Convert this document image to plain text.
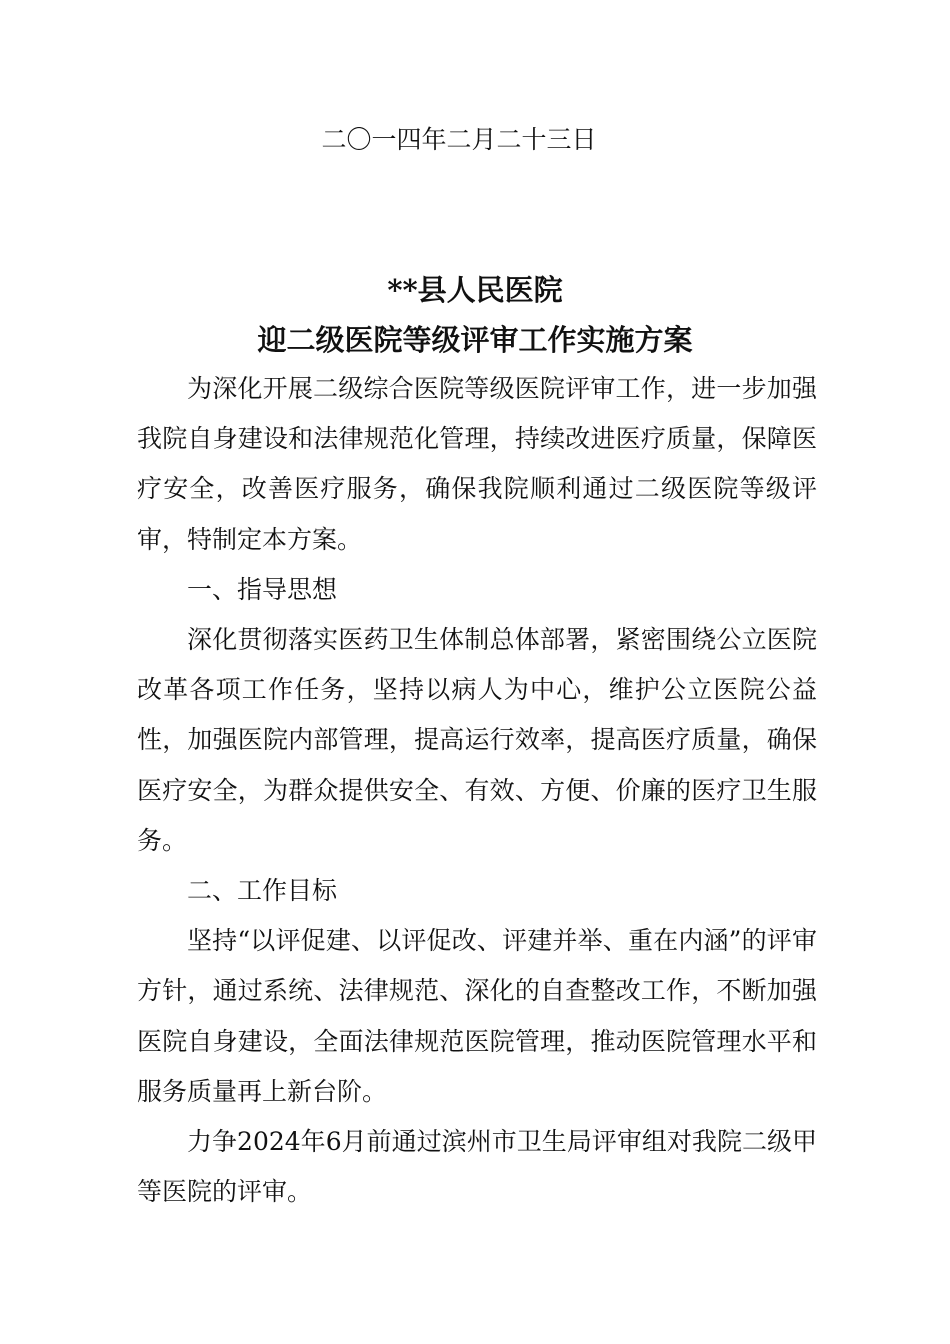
二〇一四年二月二十三日
**县人民医院
迎二级医院等级评审工作实施方案

为深化开展二级综合医院等级医院评审工作，进一步加强我院自身建设和法律规范化管理，持续改进医疗质量，保障医疗安全，改善医疗服务，确保我院顺利通过二级医院等级评审，特制定本方案。

一、指导思想

深化贯彻落实医药卫生体制总体部署，紧密围绕公立医院改革各项工作任务，坚持以病人为中心，维护公立医院公益性，加强医院内部管理，提高运行效率，提高医疗质量，确保医疗安全，为群众提供安全、有效、方便、价廉的医疗卫生服务。

二、工作目标

坚持“以评促建、以评促改、评建并举、重在内涵”的评审方针，通过系统、法律规范、深化的自查整改工作，不断加强医院自身建设，全面法律规范医院管理，推动医院管理水平和服务质量再上新台阶。

力争2024年6月前通过滨州市卫生局评审组对我院二级甲等医院的评审。
